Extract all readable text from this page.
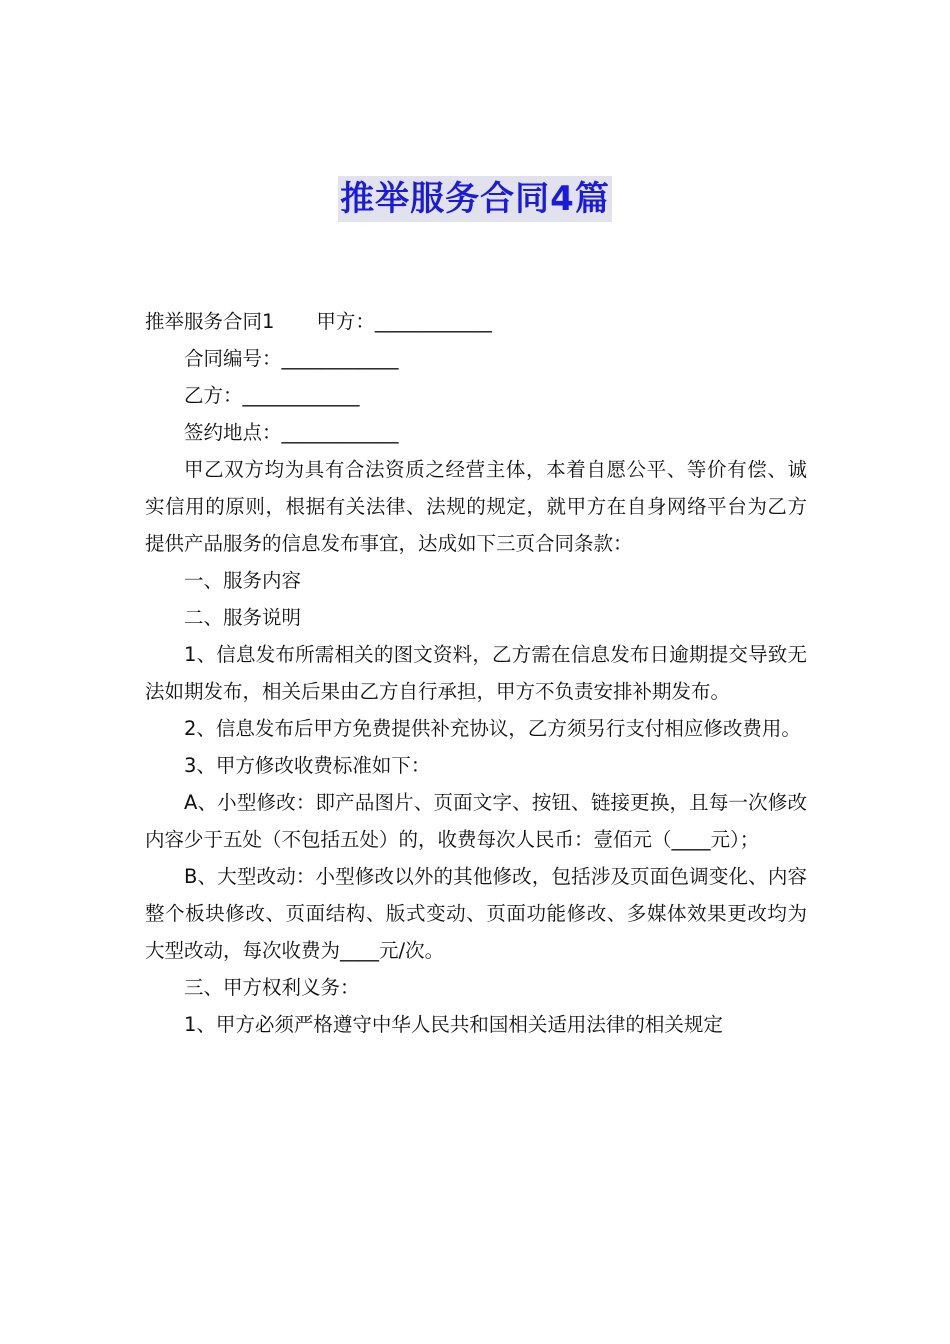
推举服务合同4篇

推举服务合同1 甲方：____________

合同编号：____________

乙方：____________

签约地点：____________

甲乙双方均为具有合法资质之经营主体，本着自愿公平、等价有偿、诚实信用的原则，根据有关法律、法规的规定，就甲方在自身网络平台为乙方提供产品服务的信息发布事宜，达成如下三页合同条款：

一、服务内容

二、服务说明

1、信息发布所需相关的图文资料，乙方需在信息发布日逾期提交导致无法如期发布，相关后果由乙方自行承担，甲方不负责安排补期发布。

2、信息发布后甲方免费提供补充协议，乙方须另行支付相应修改费用。

3、甲方修改收费标准如下：

A、小型修改：即产品图片、页面文字、按钮、链接更换，且每一次修改内容少于五处（不包括五处）的，收费每次人民币：壹佰元（____元）；

B、大型改动：小型修改以外的其他修改，包括涉及页面色调变化、内容整个板块修改、页面结构、版式变动、页面功能修改、多媒体效果更改均为大型改动，每次收费为____元/次。

三、甲方权利义务：

1、甲方必须严格遵守中华人民共和国相关适用法律的相关规定
